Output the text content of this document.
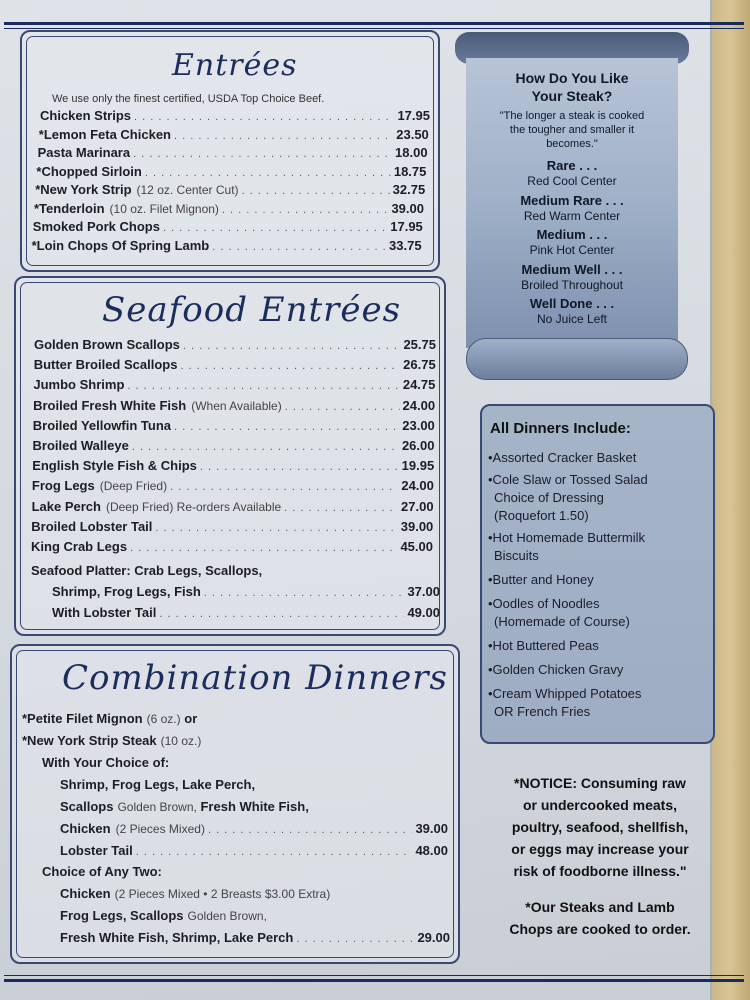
Entrées
We use only the finest certified, USDA Top Choice Beef.
Chicken Strips . . .	17.95
*Lemon Feta Chicken . . .	23.50
Pasta Marinara . . .	18.00
*Chopped Sirloin . . .	18.75
*New York Strip (12 oz. Center Cut) . . .	32.75
*Tenderloin (10 oz. Filet Mignon) . . .	39.00
Smoked Pork Chops . . .	17.95
*Loin Chops Of Spring Lamb . . .	33.75
Seafood Entrées
Golden Brown Scallops . . .	25.75
Butter Broiled Scallops . . .	26.75
Jumbo Shrimp . . .	24.75
Broiled Fresh White Fish (When Available) . . .	24.00
Broiled Yellowfin Tuna . . .	23.00
Broiled Walleye . . .	26.00
English Style Fish & Chips . . .	19.95
Frog Legs (Deep Fried) . . .	24.00
Lake Perch (Deep Fried) Re-orders Available . . .	27.00
Broiled Lobster Tail . . .	39.00
King Crab Legs . . .	45.00
Seafood Platter: Crab Legs, Scallops,
Shrimp, Frog Legs, Fish . . .	37.00
With Lobster Tail . . .	49.00
Combination Dinners
*Petite Filet Mignon (6 oz.) or
*New York Strip Steak (10 oz.)
With Your Choice of:
Shrimp, Frog Legs, Lake Perch,
Scallops Golden Brown, Fresh White Fish,
Chicken (2 Pieces Mixed) . . .	39.00
Lobster Tail . . .	48.00
Choice of Any Two:
Chicken (2 Pieces Mixed • 2 Breasts $3.00 Extra)
Frog Legs, Scallops Golden Brown,
Fresh White Fish, Shrimp, Lake Perch . . .	29.00
How Do You Like
Your Steak?
"The longer a steak is cooked
the tougher and smaller it
becomes."
Rare . . .
Red Cool Center
Medium Rare . . .
Red Warm Center
Medium . . .
Pink Hot Center
Medium Well . . .
Broiled Throughout
Well Done . . .
No Juice Left
All Dinners Include:
•Assorted Cracker Basket
•Cole Slaw or Tossed Salad
Choice of Dressing
(Roquefort 1.50)
•Hot Homemade Buttermilk
Biscuits
•Butter and Honey
•Oodles of Noodles
(Homemade of Course)
•Hot Buttered Peas
•Golden Chicken Gravy
•Cream Whipped Potatoes
OR French Fries
*NOTICE: Consuming raw
or undercooked meats,
poultry, seafood, shellfish,
or eggs may increase your
risk of foodborne illness."
*Our Steaks and Lamb
Chops are cooked to order.
